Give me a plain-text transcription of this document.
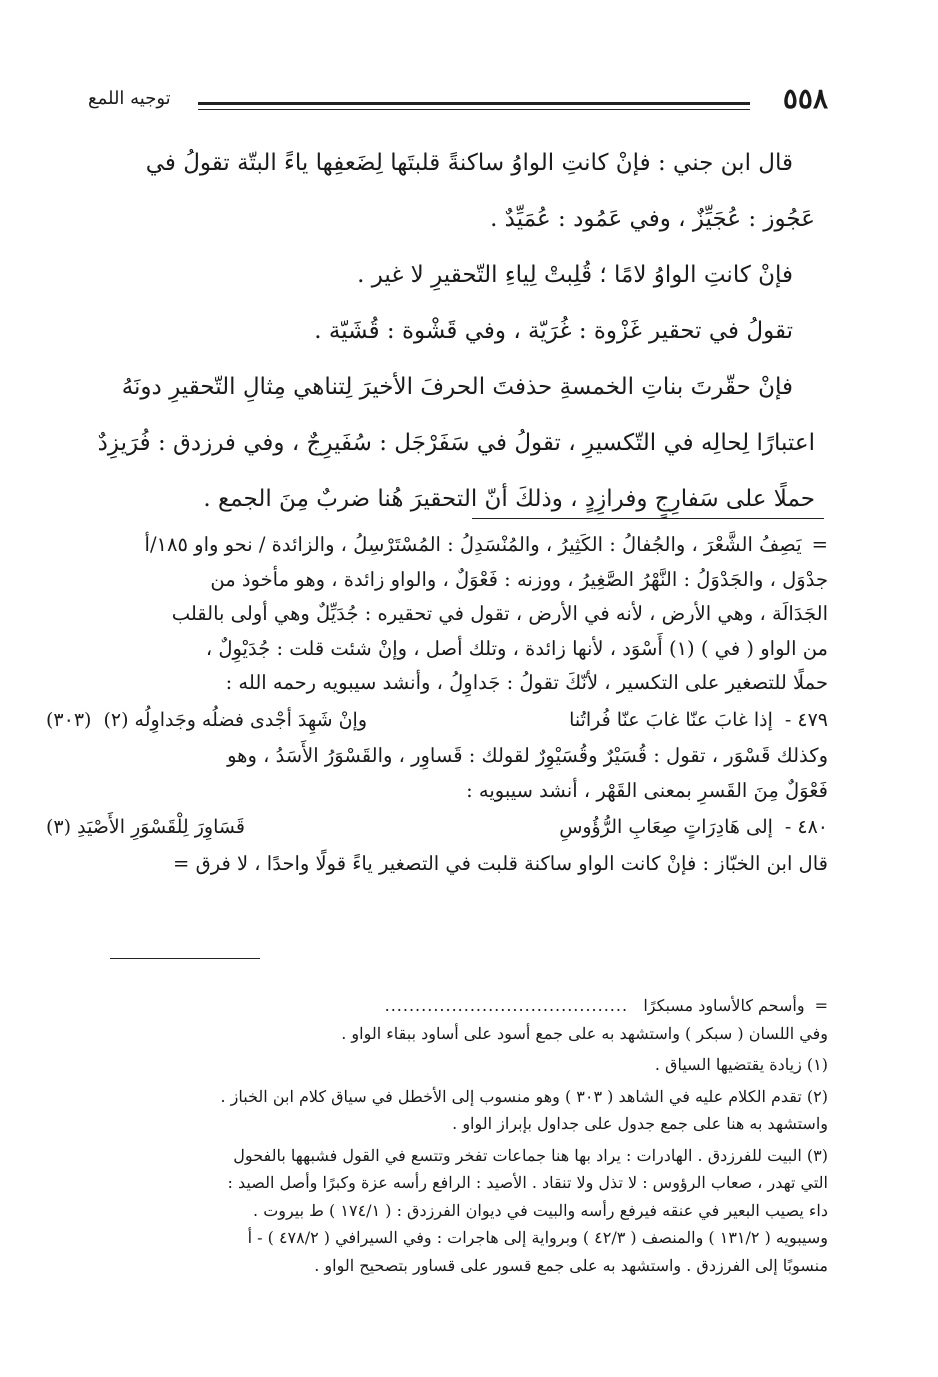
٥٥٨
توجيه اللمع

قال ابن جني : فإنْ كانتِ الواوُ ساكنةً قلبتَها لِضَعفِها ياءً البتّة تقولُ في

عَجُوز : عُجَيِّزٌ ، وفي عَمُود : عُمَيِّدٌ .

فإنْ كانتِ الواوُ لامًا ؛ قُلِبتْ لِياءِ التّحقيرِ لا غير .

تقولُ في تحقير غَزْوة : غُرَيّة ، وفي قَشْوة : قُشَيّة .

فإنْ حقّرتَ بناتِ الخمسةِ حذفتَ الحرفَ الأخيرَ لِتناهي مِثالِ التّحقيرِ دونَهُ

اعتبارًا لِحالِه في التّكسيرِ ، تقولُ في سَفَرْجَل : سُفَيرِجٌ ، وفي فرزدق : فُرَيزِدٌ

حملًا على سَفارِجٍ وفرازِدٍ ، وذلكَ أنّ التحقيرَ هُنا ضربٌ مِنَ الجمع .

=يَصِفُ الشَّعْرَ ، والجُفالُ : الكَثِيرُ ، والمُنْسَدِلُ : المُسْتَرْسِلُ ، والزائدة / نحو واو ١٨٥/أ

جدْوَل ، والجَدْوَلُ : النَّهْرُ الصَّغِيرُ ، ووزنه : فَعْوَلٌ ، والواو زائدة ، وهو مأخوذ من

الجَدَالَة ، وهي الأرض ، لأنه في الأرض ، تقول في تحقيره : جُدَيِّلٌ وهي أولى بالقلب

من الواو ( في ) (١) أَسْوَد ، لأنها زائدة ، وتلك أصل ، وإنْ شئت قلت : جُدَيْوِلٌ ،

حملًا للتصغير على التكسير ، لأنّكَ تقولُ : جَداوِلُ ، وأنشد سيبويه رحمه الله :

٤٧٩ -
إذا غابَ عنّا غابَ عنّا فُراتُنا
وإنْ شَهِدَ أجْدى فضلُه وجَداوِلُه (٢)
(٣٠٣)

وكذلك قَسْوَر ، تقول : قُسَيْرٌ وقُسَيْوِرٌ لقولك : قَساوِر ، والقَسْوَرُ الأَسَدُ ، وهو

فَعْوَلٌ مِنَ القَسرِ بمعنى القَهْر ، أنشد سيبويه :

٤٨٠ -
إلى هَادِرَاتٍ صِعَابِ الرُّؤُوسِ
قَسَاوِرَ لِلْقَسْوَرِ الأَصْيَدِ (٣)

قال ابن الخبّاز : فإنْ كانت الواو ساكنة قلبت في التصغير ياءً قولًا واحدًا ، لا فرق =

=وأسحم كالأساود مسبكرًا   ........................................

وفي اللسان ( سبكر ) واستشهد به على جمع أسود على أساود ببقاء الواو .

(١) زيادة يقتضيها السياق .

(٢) تقدم الكلام عليه في الشاهد ( ٣٠٣ ) وهو منسوب إلى الأخطل في سياق كلام ابن الخباز .

واستشهد به هنا على جمع جدول على جداول بإبراز الواو .

(٣) البيت للفرزدق . الهادرات : يراد بها هنا جماعات تفخر وتتسع في القول فشبهها بالفحول

التي تهدر ، صعاب الرؤوس : لا تذل ولا تنقاد . الأصيد : الرافع رأسه عزة وكبرًا وأصل الصيد :

داء يصيب البعير في عنقه فيرفع رأسه والبيت في ديوان الفرزدق : ( ١٧٤/١ ) ط بيروت .

وسيبويه ( ١٣١/٢ ) والمنصف ( ٤٢/٣ ) وبرواية إلى هاجرات : وفي السيرافي ( ٤٧٨/٢ ) - أ

منسوبًا إلى الفرزدق . واستشهد به على جمع قسور على قساور بتصحيح الواو .
